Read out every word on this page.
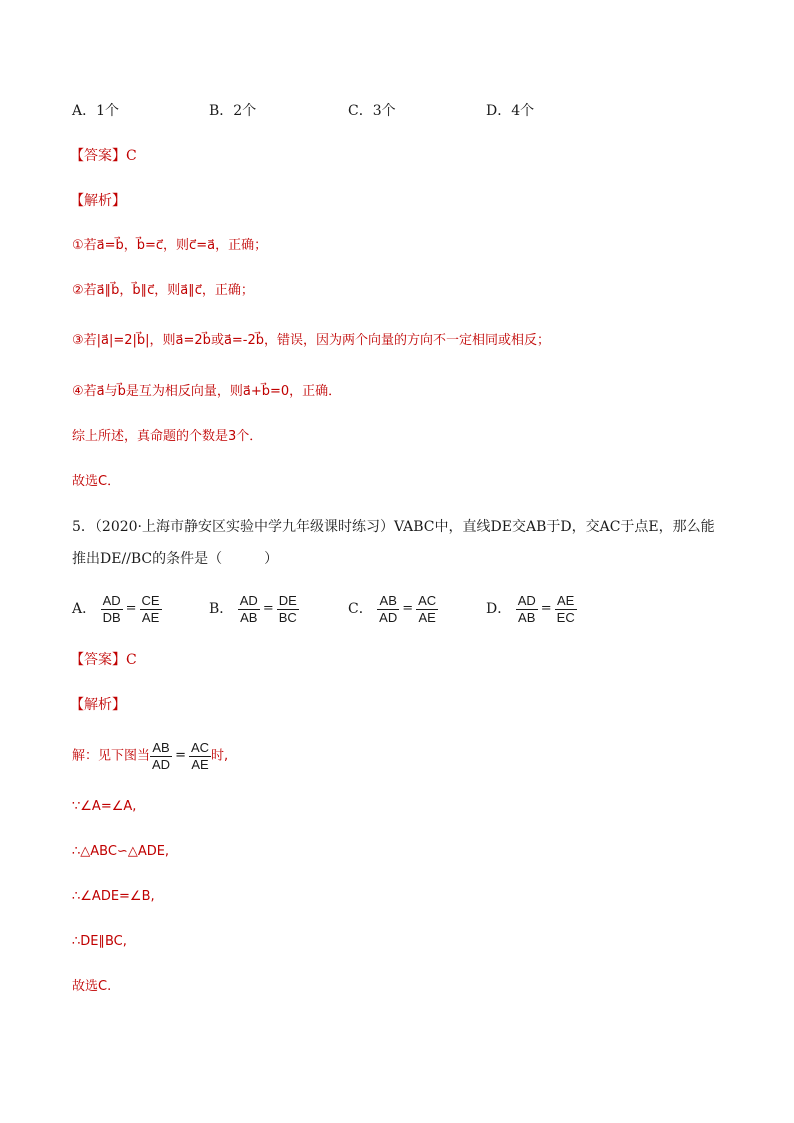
A．1个	B．2个	C．3个	D．4个
【答案】C
【解析】
①若a⃗=b⃗，b⃗=c⃗，则c⃗=a⃗，正确；
②若a⃗∥b⃗，b⃗∥c⃗，则a⃗∥c⃗，正确；
③若|a⃗|=2|b⃗|，则a⃗=2b⃗或a⃗=-2b⃗，错误，因为两个向量的方向不一定相同或相反；
④若a⃗与b⃗是互为相反向量，则a⃗+b⃗=0，正确．
综上所述，真命题的个数是3个．
故选C．
5．（2020·上海市静安区实验中学九年级课时练习）VABC中，直线DE交AB于D，交AC于点E，那么能
推出DE//BC的条件是（　　　）
A． $\frac{AD}{DB} = \frac{CE}{AE}$	B． $\frac{AD}{AB} = \frac{DE}{BC}$	C． $\frac{AB}{AD} = \frac{AC}{AE}$	D． $\frac{AD}{AB} = \frac{AE}{EC}$
【答案】C
【解析】
解：见下图当 $\frac{AB}{AD} = \frac{AC}{AE}$ 时,
∵∠A=∠A,
∴△ABC∽△ADE,
∴∠ADE=∠B,
∴DE∥BC,
故选C.
